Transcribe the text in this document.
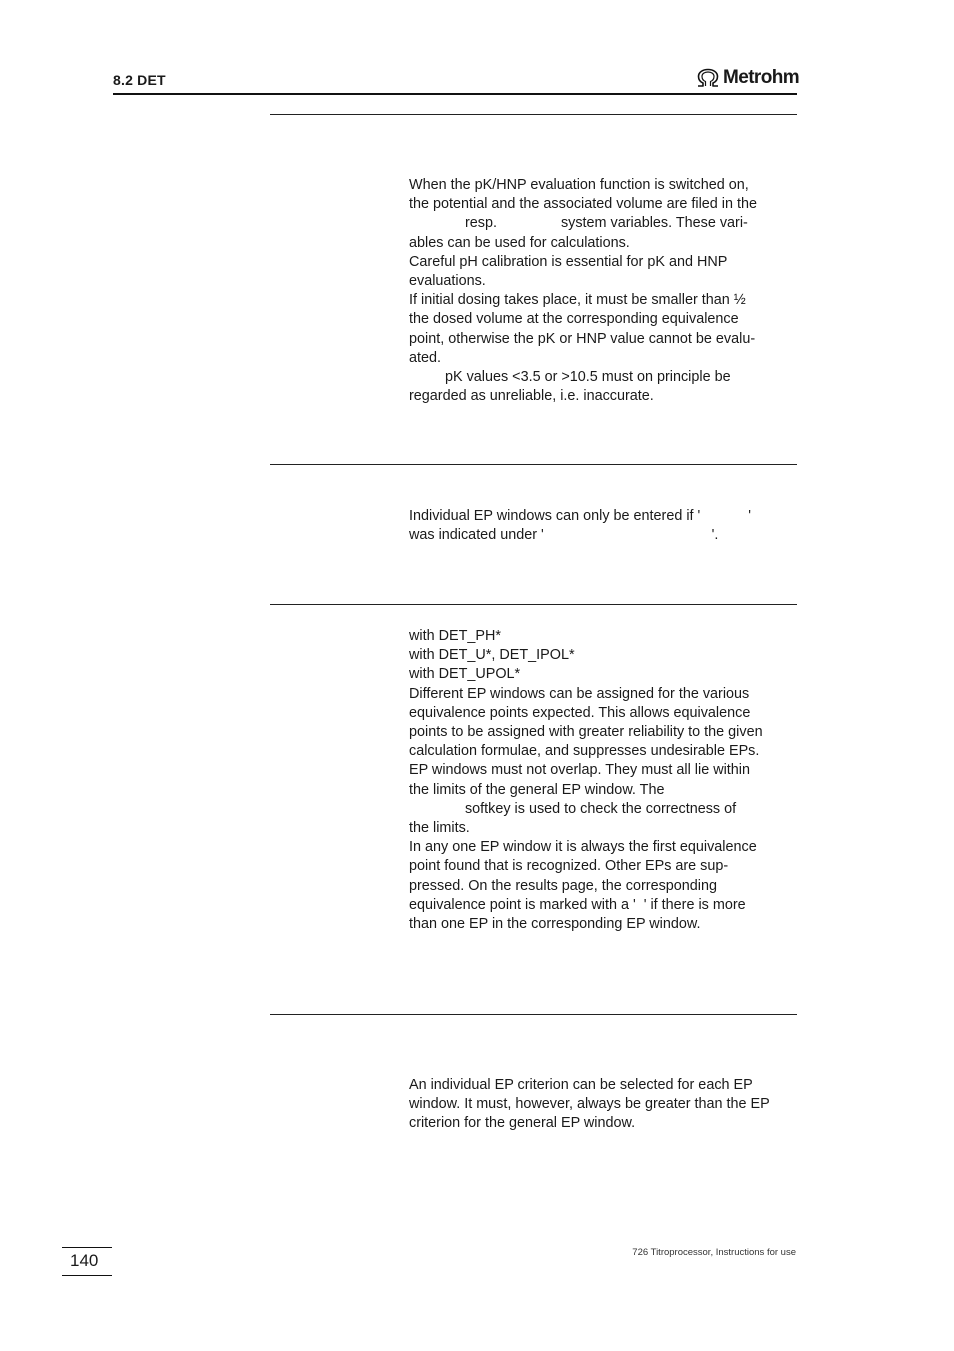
8.2 DET	Metrohm
When the pK/HNP evaluation function is switched on,
the potential and the associated volume are filed in the
resp.                system variables. These vari-
ables can be used for calculations.
Careful pH calibration is essential for pK and HNP
evaluations.
If initial dosing takes place, it must be smaller than ½
the dosed volume at the corresponding equivalence
point, otherwise the pK or HNP value cannot be evalu-
ated.
pK values <3.5 or >10.5 must on principle be
regarded as unreliable, i.e. inaccurate.
Individual EP windows can only be entered if '            '
was indicated under '                                          '.
with DET_PH*
with DET_U*, DET_IPOL*
with DET_UPOL*
Different EP windows can be assigned for the various
equivalence points expected. This allows equivalence
points to be assigned with greater reliability to the given
calculation formulae, and suppresses undesirable EPs.
EP windows must not overlap. They must all lie within
the limits of the general EP window. The
softkey is used to check the correctness of
the limits.
In any one EP window it is always the first equivalence
point found that is recognized. Other EPs are sup-
pressed. On the results page, the corresponding
equivalence point is marked with a '  ' if there is more
than one EP in the corresponding EP window.
An individual EP criterion can be selected for each EP
window. It must, however, always be greater than the EP
criterion for the general EP window.
140	726 Titroprocessor, Instructions for use
